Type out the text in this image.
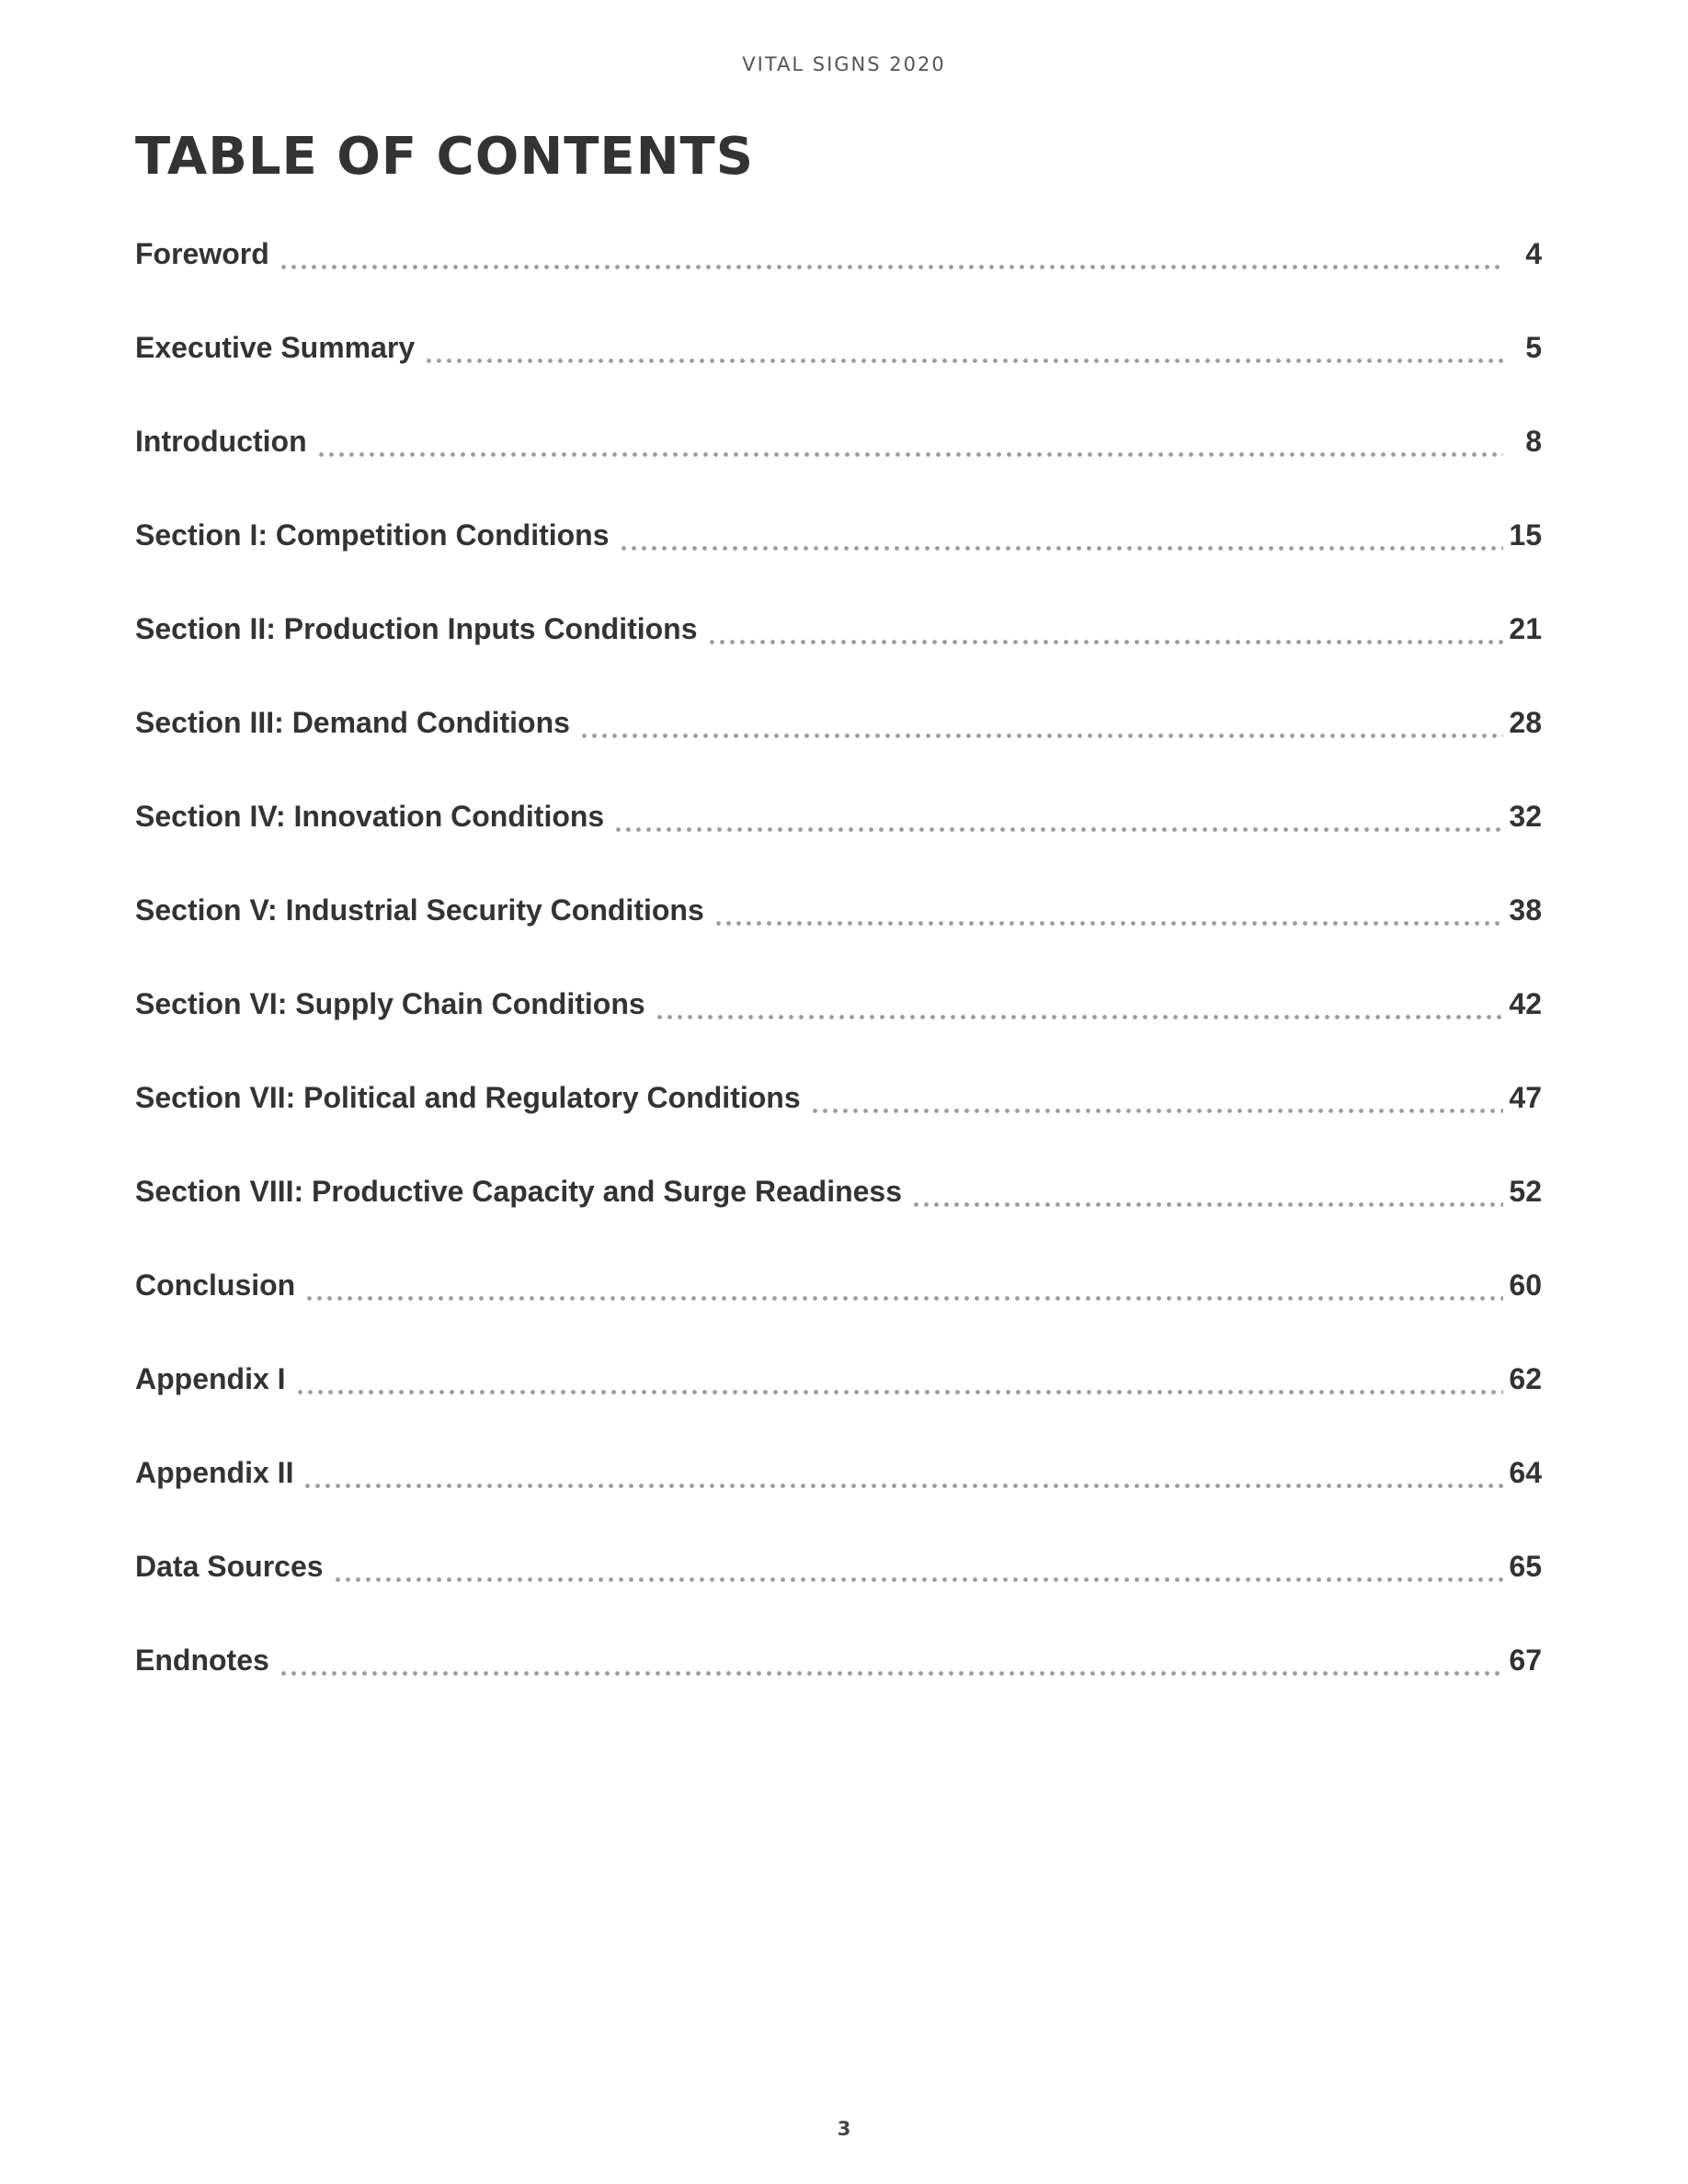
VITAL SIGNS 2020
TABLE OF CONTENTS
Foreword	4
Executive Summary	5
Introduction	8
Section I: Competition Conditions	15
Section II: Production Inputs Conditions	21
Section III: Demand Conditions	28
Section IV: Innovation Conditions	32
Section V: Industrial Security Conditions	38
Section VI: Supply Chain Conditions	42
Section VII: Political and Regulatory Conditions	47
Section VIII: Productive Capacity and Surge Readiness	52
Conclusion	60
Appendix I	62
Appendix II	64
Data Sources	65
Endnotes	67
3
